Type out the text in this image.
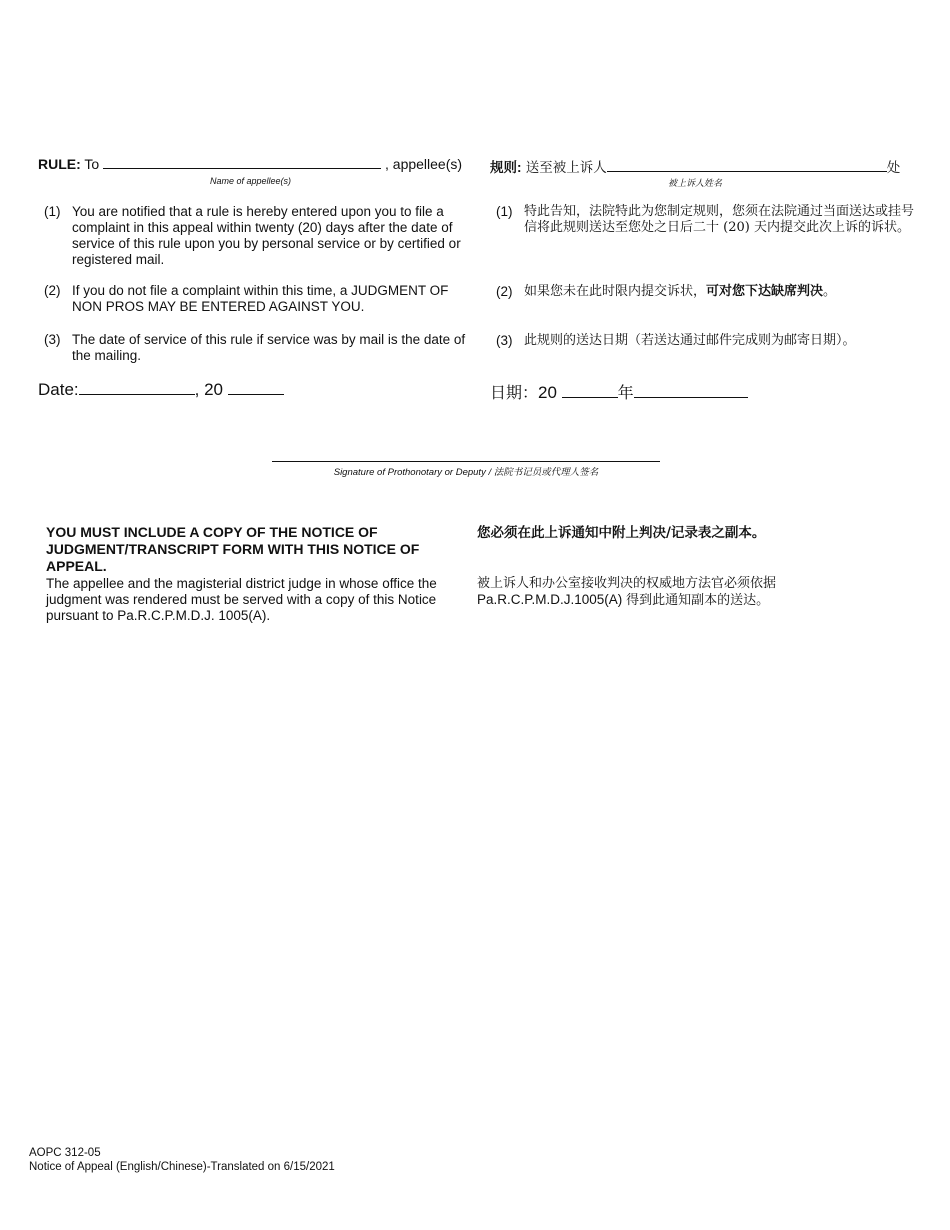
RULE: To	, appellee(s)
Name of appellee(s)
(1) You are notified that a rule is hereby entered upon you to file a complaint in this appeal within twenty (20) days after the date of service of this rule upon you by personal service or by certified or registered mail.
(2) If you do not file a complaint within this time, a JUDGMENT OF NON PROS MAY BE ENTERED AGAINST YOU.
(3) The date of service of this rule if service was by mail is the date of the mailing.
Date:	, 20
规则: 送至被上诉人	处
被上诉人姓名
(1) 特此告知，法院特此为您制定规则，您须在法院通过当面送达或挂号信将此规则送达至您处之日后二十 (20) 天内提交此次上诉的诉状。
(2) 如果您未在此时限内提交诉状，可对您下达缺席判决。
(3) 此规则的送达日期（若送达通过邮件完成则为邮寄日期）。
日期：20	年
Signature of Prothonotary or Deputy / 法院书记员或代理人签名
YOU MUST INCLUDE A COPY OF THE NOTICE OF JUDGMENT/TRANSCRIPT FORM WITH THIS NOTICE OF APPEAL.
The appellee and the magisterial district judge in whose office the judgment was rendered must be served with a copy of this Notice pursuant to Pa.R.C.P.M.D.J. 1005(A).
您必须在此上诉通知中附上判决/记录表之副本。
被上诉人和办公室接收判决的权威地方法官必须依据
Pa.R.C.P.M.D.J.1005(A) 得到此通知副本的送达。
AOPC 312-05
Notice of Appeal (English/Chinese)-Translated on 6/15/2021
